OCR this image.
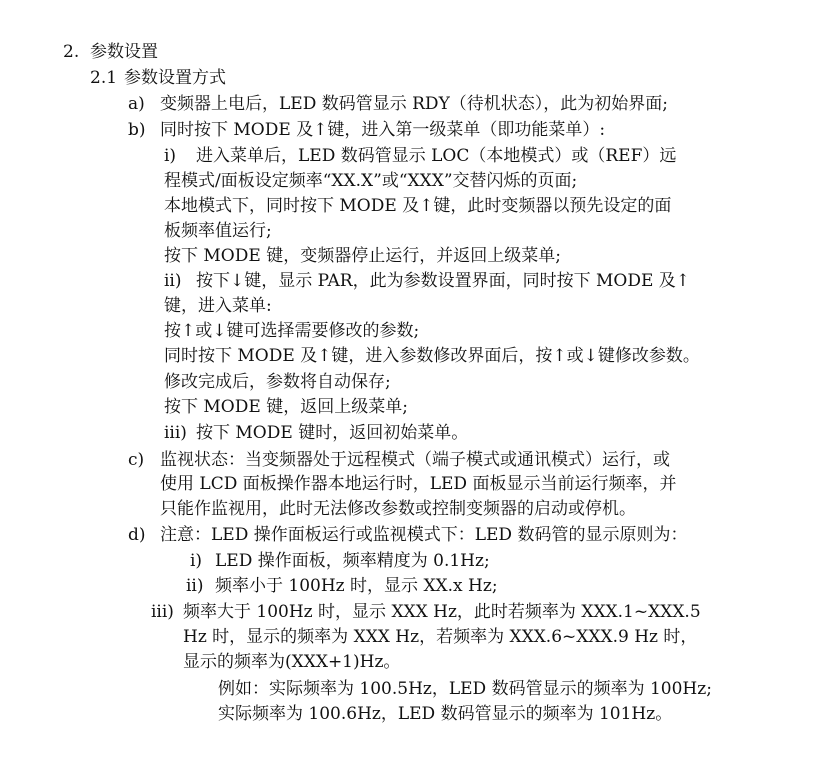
2. 参数设置
2.1 参数设置方式
a) 变频器上电后，LED 数码管显示 RDY（待机状态），此为初始界面;
b) 同时按下 MODE 及↑键，进入第一级菜单（即功能菜单）:
i) 进入菜单后，LED 数码管显示 LOC（本地模式）或（REF）远
程模式/面板设定频率“XX.X”或“XXX”交替闪烁的页面;
本地模式下，同时按下 MODE 及↑键，此时变频器以预先设定的面
板频率值运行;
按下 MODE 键，变频器停止运行，并返回上级菜单;
ii) 按下↓键，显示 PAR，此为参数设置界面，同时按下 MODE 及↑
键，进入菜单:
按↑或↓键可选择需要修改的参数;
同时按下 MODE 及↑键，进入参数修改界面后，按↑或↓键修改参数。
修改完成后，参数将自动保存;
按下 MODE 键，返回上级菜单;
iii) 按下 MODE 键时，返回初始菜单。
c) 监视状态：当变频器处于远程模式（端子模式或通讯模式）运行，或
使用 LCD 面板操作器本地运行时，LED 面板显示当前运行频率，并
只能作监视用，此时无法修改参数或控制变频器的启动或停机。
d) 注意：LED 操作面板运行或监视模式下：LED 数码管的显示原则为：
i) LED 操作面板，频率精度为 0.1Hz;
ii) 频率小于 100Hz 时，显示 XX.x Hz;
iii) 频率大于 100Hz 时，显示 XXX Hz，此时若频率为 XXX.1~XXX.5
Hz 时，显示的频率为 XXX Hz，若频率为 XXX.6~XXX.9 Hz 时，
显示的频率为(XXX+1)Hz。
例如：实际频率为 100.5Hz，LED 数码管显示的频率为 100Hz;
实际频率为 100.6Hz，LED 数码管显示的频率为 101Hz。
